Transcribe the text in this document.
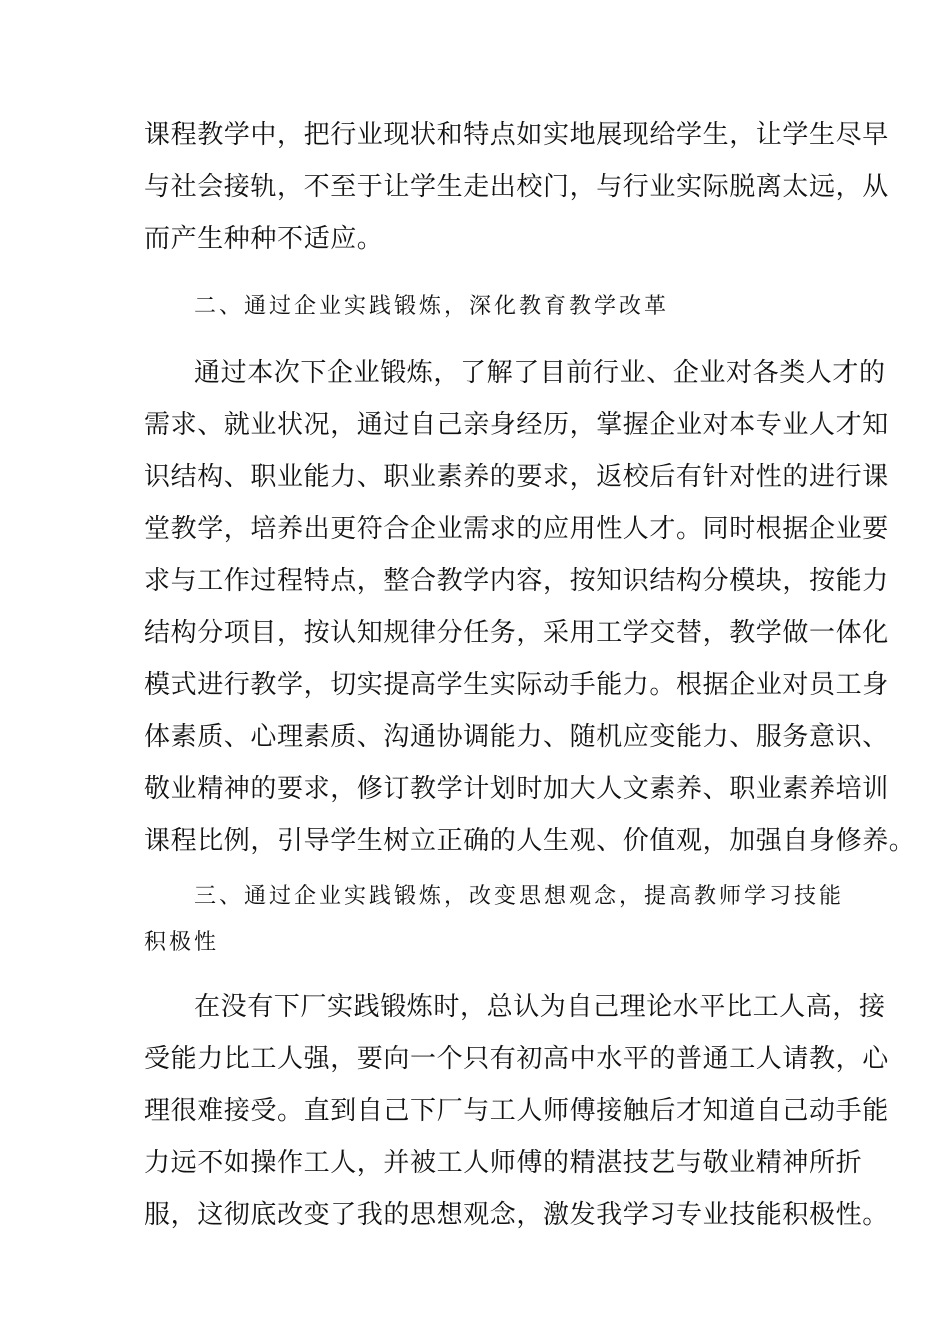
课程教学中，把行业现状和特点如实地展现给学生，让学生尽早
与社会接轨，不至于让学生走出校门，与行业实际脱离太远，从
而产生种种不适应。
二、通过企业实践锻炼，深化教育教学改革
通过本次下企业锻炼，了解了目前行业、企业对各类人才的
需求、就业状况，通过自己亲身经历，掌握企业对本专业人才知
识结构、职业能力、职业素养的要求，返校后有针对性的进行课
堂教学，培养出更符合企业需求的应用性人才。同时根据企业要
求与工作过程特点，整合教学内容，按知识结构分模块，按能力
结构分项目，按认知规律分任务，采用工学交替，教学做一体化
模式进行教学，切实提高学生实际动手能力。根据企业对员工身
体素质、心理素质、沟通协调能力、随机应变能力、服务意识、
敬业精神的要求，修订教学计划时加大人文素养、职业素养培训
课程比例，引导学生树立正确的人生观、价值观，加强自身修养。
三、通过企业实践锻炼，改变思想观念，提高教师学习技能
积极性
在没有下厂实践锻炼时，总认为自己理论水平比工人高，接
受能力比工人强，要向一个只有初高中水平的普通工人请教，心
理很难接受。直到自己下厂与工人师傅接触后才知道自己动手能
力远不如操作工人，并被工人师傅的精湛技艺与敬业精神所折
服，这彻底改变了我的思想观念，激发我学习专业技能积极性。
